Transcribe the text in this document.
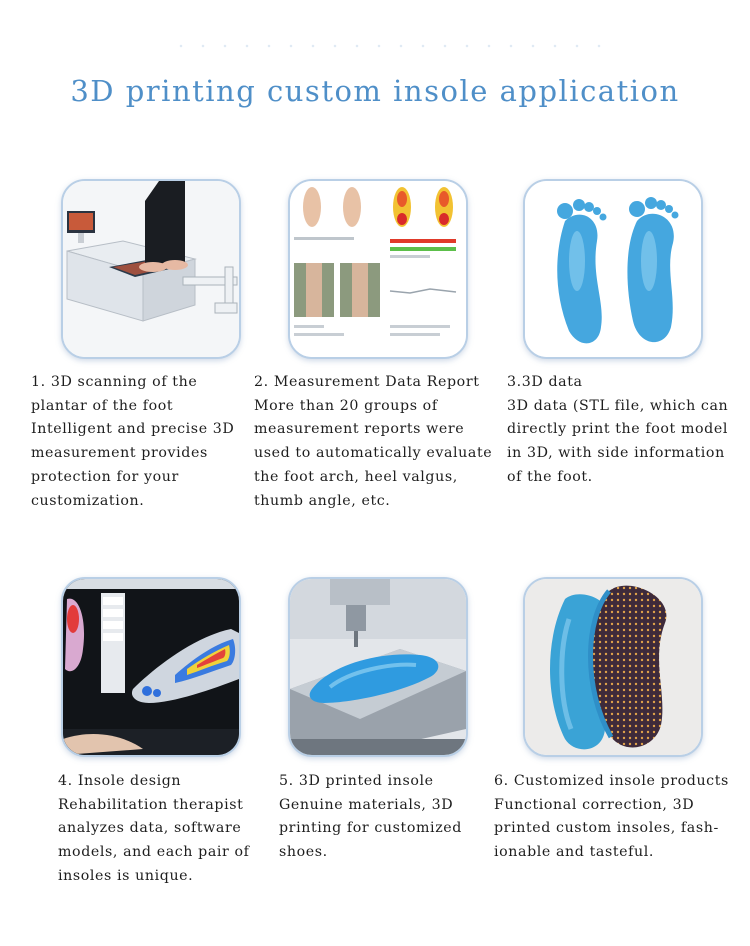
3D printing custom insole application
1. 3D scanning of the
plantar of the foot
Intelligent and precise 3D
measurement provides
protection for your
customization.
2. Measurement Data Report
More than 20 groups of
measurement reports were
used to automatically evaluate
the foot arch, heel valgus,
thumb angle, etc.
3.3D data
3D data (STL file, which can
directly print the foot model
in 3D, with side information
of the foot.
4. Insole design
Rehabilitation therapist
analyzes data, software
models, and each pair of
insoles is unique.
5. 3D printed insole
Genuine materials, 3D
printing for customized
shoes.
6. Customized insole products
Functional correction, 3D
printed custom insoles, fash-
ionable and tasteful.
